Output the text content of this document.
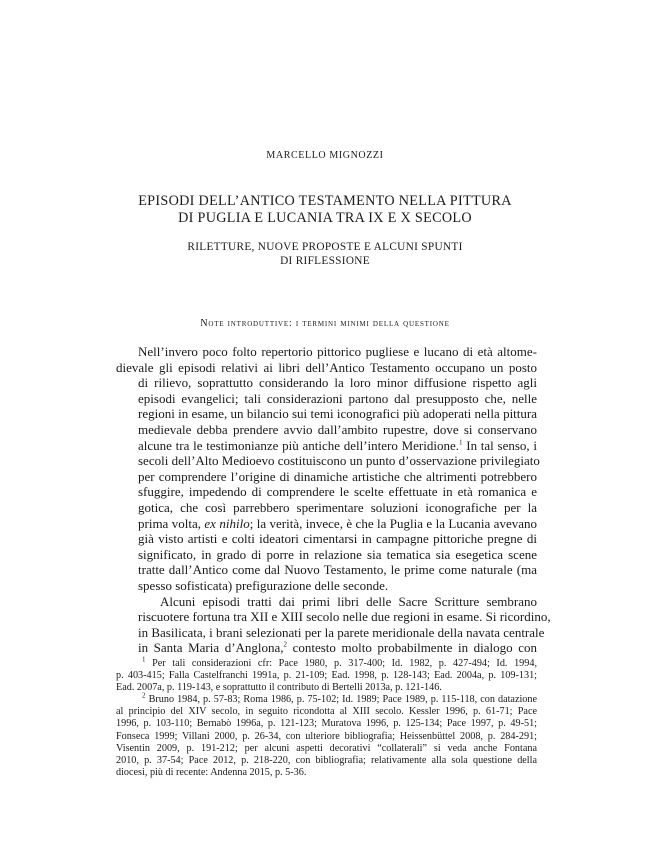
MARCELLO MIGNOZZI
EPISODI DELL’ANTICO TESTAMENTO NELLA PITTURA
DI PUGLIA E LUCANIA TRA IX E X SECOLO
RILETTURE, NUOVE PROPOSTE E ALCUNI SPUNTI
DI RIFLESSIONE
Note introduttive: i termini minimi della questione

Nell’invero poco folto repertorio pittorico pugliese e lucano di età altome-
dievale gli episodi relativi ai libri dell’Antico Testamento occupano un posto
di rilievo, soprattutto considerando la loro minor diffusione rispetto agli
episodi evangelici; tali considerazioni partono dal presupposto che, nelle
regioni in esame, un bilancio sui temi iconografici più adoperati nella pittura
medievale debba prendere avvio dall’ambito rupestre, dove si conservano
alcune tra le testimonianze più antiche dell’intero Meridione.$^1$ In tal senso, i
secoli dell’Alto Medioevo costituiscono un punto d’osservazione privilegiato
per comprendere l’origine di dinamiche artistiche che altrimenti potrebbero
sfuggire, impedendo di comprendere le scelte effettuate in età romanica e
gotica, che così parrebbero sperimentare soluzioni iconografiche per la
prima volta, ex nihilo; la verità, invece, è che la Puglia e la Lucania avevano
già visto artisti e colti ideatori cimentarsi in campagne pittoriche pregne di
significato, in grado di porre in relazione sia tematica sia esegetica scene
tratte dall’Antico come dal Nuovo Testamento, le prime come naturale (ma
spesso sofisticata) prefigurazione delle seconde.

Alcuni episodi tratti dai primi libri delle Sacre Scritture sembrano
riscuotere fortuna tra XII e XIII secolo nelle due regioni in esame. Si ricordino,
in Basilicata, i brani selezionati per la parete meridionale della navata centrale
in Santa Maria d’Anglona,$^2$ contesto molto probabilmente in dialogo con

$^1$ Per tali considerazioni cfr: Pace 1980, p. 317-400; Id. 1982, p. 427-494; Id. 1994,
p. 403-415; Falla Castelfranchi 1991a, p. 21-109; Ead. 1998, p. 128-143; Ead. 2004a, p. 109-131;
Ead. 2007a, p. 119-143, e soprattutto il contributo di Bertelli 2013a, p. 121-146.
$^2$ Bruno 1984, p. 57-83; Roma 1986, p. 75-102; Id. 1989; Pace 1989, p. 115-118, con datazione
al principio del XIV secolo, in seguito ricondotta al XIII secolo. Kessler 1996, p. 61-71; Pace
1996, p. 103-110; Bernabò 1996a, p. 121-123; Muratova 1996, p. 125-134; Pace 1997, p. 49-51;
Fonseca 1999; Villani 2000, p. 26-34, con ulteriore bibliografia; Heissenbüttel 2008, p. 284-291;
Visentin 2009, p. 191-212; per alcuni aspetti decorativi “collaterali” si veda anche Fontana
2010, p. 37-54; Pace 2012, p. 218-220, con bibliografia; relativamente alla sola questione della
diocesi, più di recente: Andenna 2015, p. 5-36.
